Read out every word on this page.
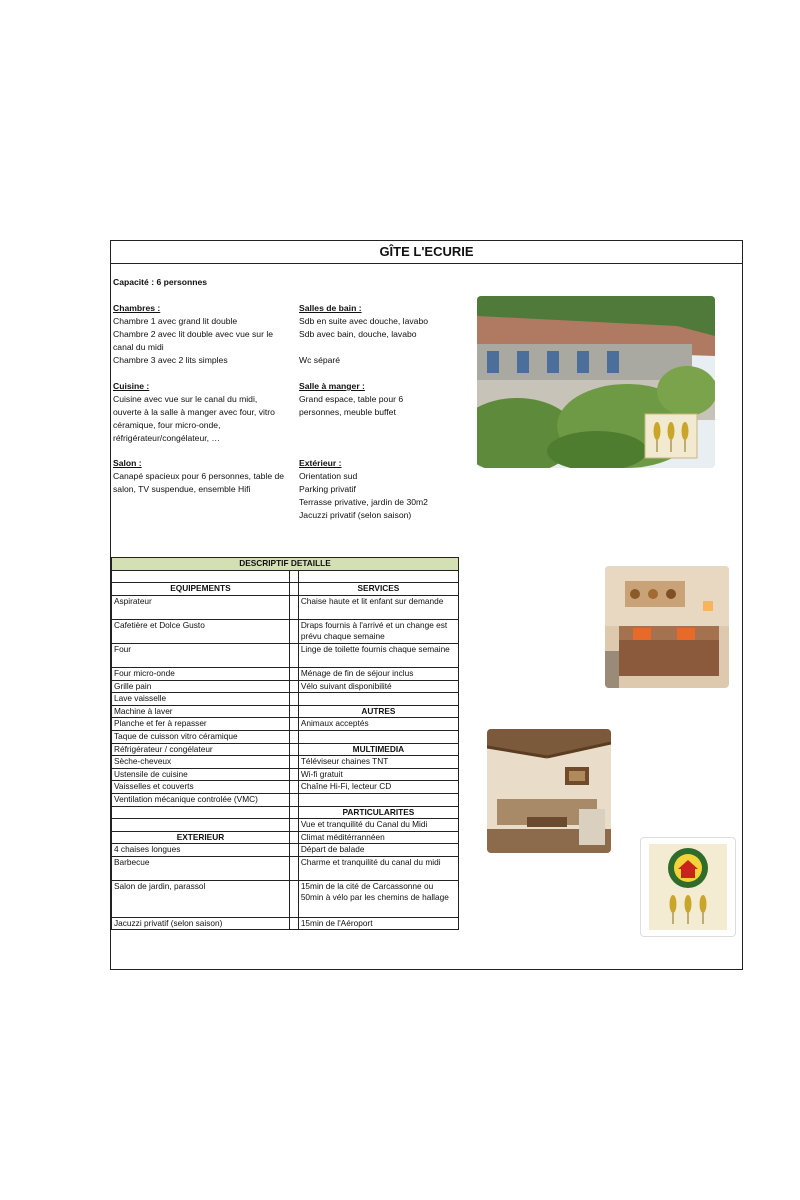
GÎTE L'ECURIE
Capacité : 6 personnes
Chambres :
Chambre 1 avec grand lit double
Chambre 2 avec lit double avec vue sur le canal du midi
Chambre 3 avec 2 lits simples
Salles de bain :
Sdb en suite avec douche, lavabo
Sdb avec bain, douche, lavabo
Wc séparé
Cuisine :
Cuisine avec vue sur le canal du midi, ouverte à la salle à manger avec four, vitro céramique, four micro-onde, réfrigérateur/congélateur, …
Salle à manger :
Grand espace, table pour 6 personnes, meuble buffet
Salon :
Canapé spacieux pour 6 personnes, table de salon, TV suspendue, ensemble Hifi
Extérieur :
Orientation sud
Parking privatif
Terrasse privative, jardin de 30m2
Jacuzzi privatif (selon saison)
DESCRIPTIF DETAILLE		

EQUIPEMENTS		SERVICES
Aspirateur		Chaise haute et lit enfant sur demande
Cafetière et Dolce Gusto		Draps fournis à l'arrivé et un change est prévu chaque semaine
Four		Linge de toilette fournis chaque semaine
Four micro-onde		Ménage de fin de séjour inclus
Grille pain		Vélo suivant disponibilité
Lave vaisselle		
Machine à laver		AUTRES
Planche et fer à repasser		Animaux acceptés
Taque de cuisson vitro céramique		
Réfrigérateur / congélateur		MULTIMEDIA
Sèche-cheveux		Téléviseur chaines TNT
Ustensile de cuisine		Wi-fi gratuit
Vaisselles et couverts		Chaîne Hi-Fi, lecteur CD
Ventilation mécanique controlée (VMC)		
		PARTICULARITES
		Vue et tranquilité du Canal du Midi
EXTERIEUR		Climat méditérrannéen
4 chaises longues		Départ de balade
Barbecue		Charme et tranquilité du canal du midi
Salon de jardin, parassol		15min de la cité de Carcassonne ou 50min à vélo par les chemins de hallage
Jacuzzi privatif (selon saison)		15min de l'Aéroport
